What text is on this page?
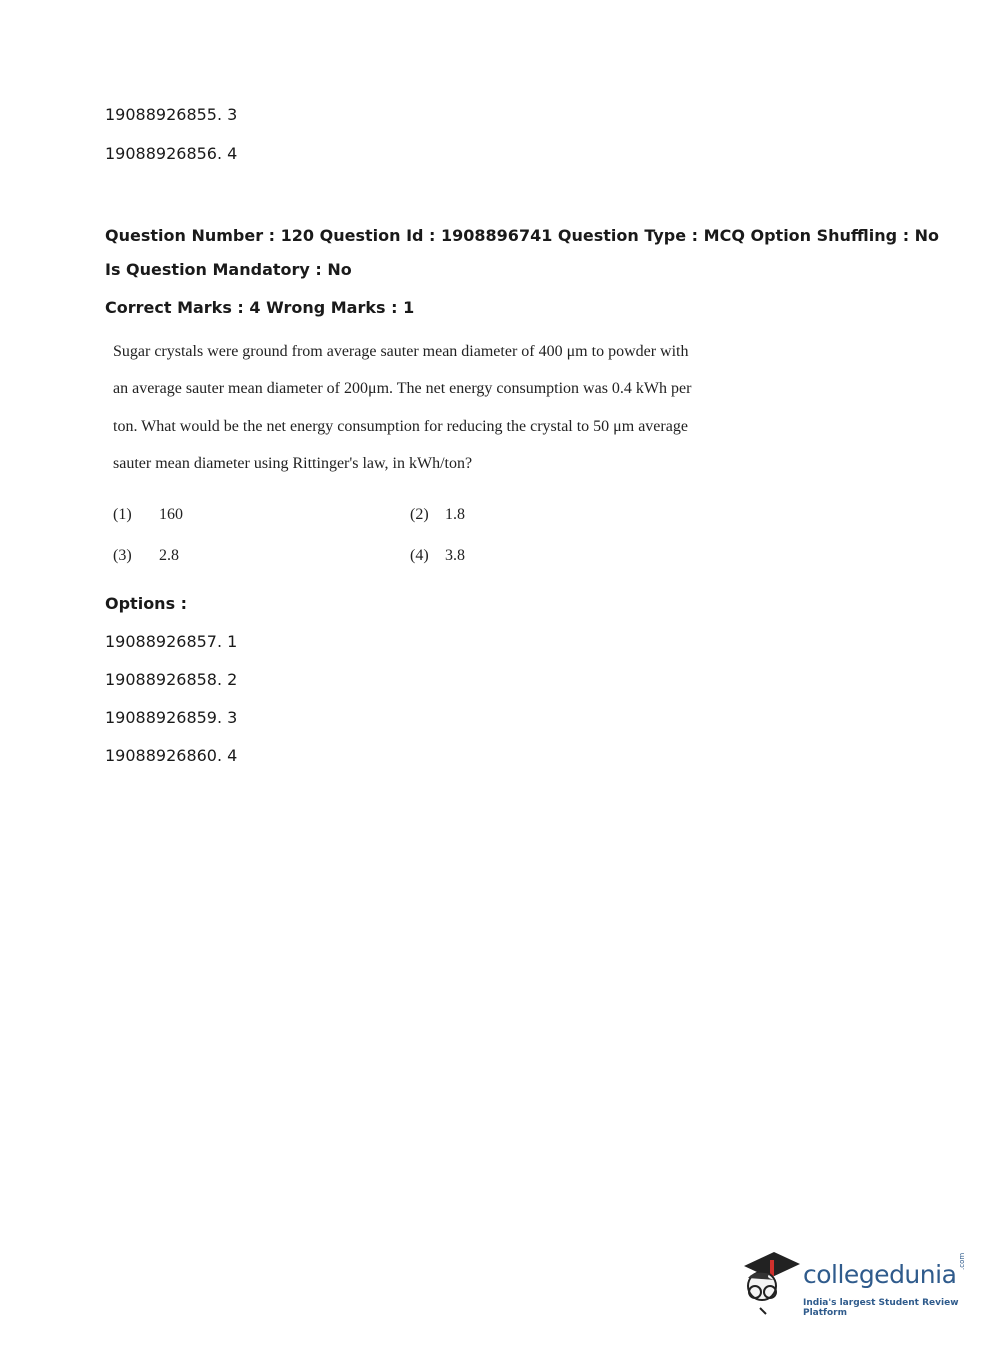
19088926855. 3
19088926856. 4
Question Number : 120 Question Id : 1908896741 Question Type : MCQ Option Shuffling : No
Is Question Mandatory : No
Correct Marks : 4 Wrong Marks : 1
Sugar crystals were ground from average sauter mean diameter of 400 μm to powder with
an average sauter mean diameter of 200μm. The net energy consumption was 0.4 kWh per
ton. What would be the net energy consumption for reducing the crystal to 50 μm average
sauter mean diameter using Rittinger's law, in kWh/ton?
(1) 160	(2) 1.8
(3) 2.8	(4) 3.8
Options :
19088926857. 1
19088926858. 2
19088926859. 3
19088926860. 4
collegedunia .com
India's largest Student Review Platform
